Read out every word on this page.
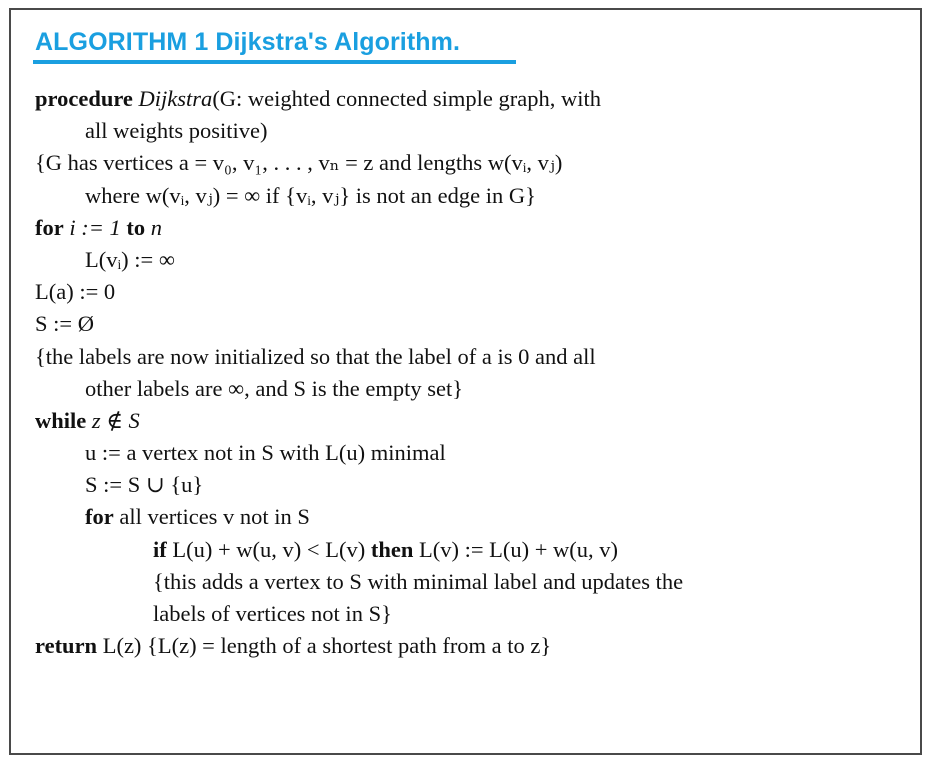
ALGORITHM 1 Dijkstra's Algorithm.
procedure Dijkstra(G: weighted connected simple graph, with
all weights positive)
{G has vertices a = v₀, v₁, . . . , vₙ = z and lengths w(vᵢ, vⱼ)
where w(vᵢ, vⱼ) = ∞ if {vᵢ, vⱼ} is not an edge in G}
for i := 1 to n
L(vᵢ) := ∞
L(a) := 0
S := Ø
{the labels are now initialized so that the label of a is 0 and all
other labels are ∞, and S is the empty set}
while z ∉ S
u := a vertex not in S with L(u) minimal
S := S ∪ {u}
for all vertices v not in S
if L(u) + w(u, v) < L(v) then L(v) := L(u) + w(u, v)
{this adds a vertex to S with minimal label and updates the
labels of vertices not in S}
return L(z) {L(z) = length of a shortest path from a to z}
